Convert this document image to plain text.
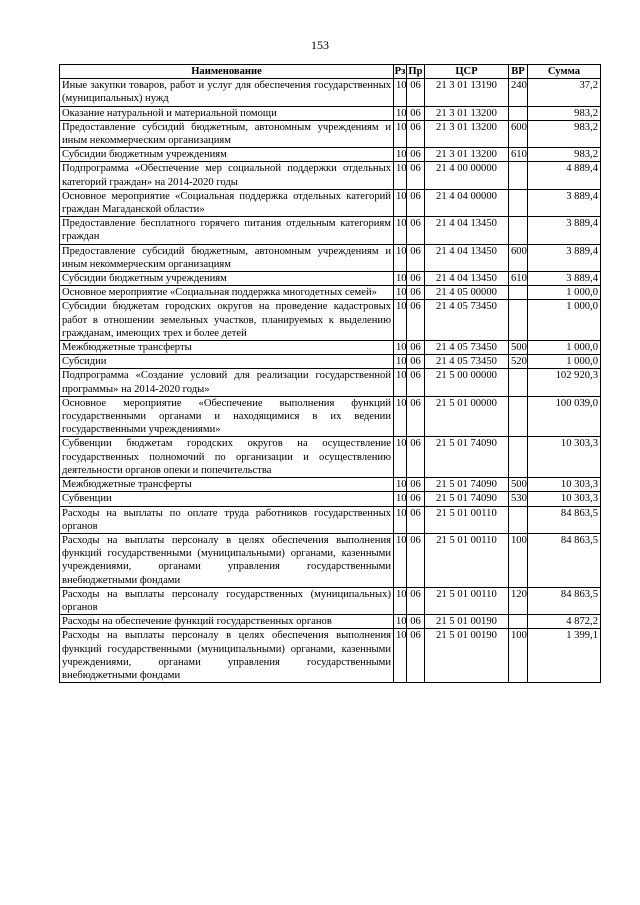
153
Наименование	Рз	Пр	ЦСР	ВР	Сумма
Иные закупки товаров, работ и услуг для обеспечения государственных (муниципальных) нужд	10	06	21 3 01 13190	240	37,2
Оказание натуральной и материальной помощи	10	06	21 3 01 13200		983,2
Предоставление субсидий бюджетным, автономным учреждениям и иным некоммерческим организациям	10	06	21 3 01 13200	600	983,2
Субсидии бюджетным учреждениям	10	06	21 3 01 13200	610	983,2
Подпрограмма «Обеспечение мер социальной поддержки отдельных категорий граждан» на 2014-2020 годы	10	06	21 4 00 00000		4 889,4
Основное мероприятие «Социальная поддержка отдельных категорий граждан Магаданской области»	10	06	21 4 04 00000		3 889,4
Предоставление бесплатного горячего питания отдельным категориям граждан	10	06	21 4 04 13450		3 889,4
Предоставление субсидий бюджетным, автономным учреждениям и иным некоммерческим организациям	10	06	21 4 04 13450	600	3 889,4
Субсидии бюджетным учреждениям	10	06	21 4 04 13450	610	3 889,4
Основное мероприятие «Социальная поддержка многодетных семей»	10	06	21 4 05 00000		1 000,0
Субсидии бюджетам городских округов на проведение кадастровых работ в отношении земельных участков, планируемых к выделению гражданам, имеющих трех и более детей	10	06	21 4 05 73450		1 000,0
Межбюджетные трансферты	10	06	21 4 05 73450	500	1 000,0
Субсидии	10	06	21 4 05 73450	520	1 000,0
Подпрограмма «Создание условий для реализации государственной программы» на 2014-2020 годы»	10	06	21 5 00 00000		102 920,3
Основное мероприятие «Обеспечение выполнения функций государственными органами и находящимися в их ведении государственными учреждениями»	10	06	21 5 01 00000		100 039,0
Субвенции бюджетам городских округов на осуществление государственных полномочий по организации и осуществлению деятельности органов опеки и попечительства	10	06	21 5 01 74090		10 303,3
Межбюджетные трансферты	10	06	21 5 01 74090	500	10 303,3
Субвенции	10	06	21 5 01 74090	530	10 303,3
Расходы на выплаты по оплате труда работников государственных органов	10	06	21 5 01 00110		84 863,5
Расходы на выплаты персоналу в целях обеспечения выполнения функций государственными (муниципальными) органами, казенными учреждениями, органами управления государственными внебюджетными фондами	10	06	21 5 01 00110	100	84 863,5
Расходы на выплаты персоналу государственных (муниципальных) органов	10	06	21 5 01 00110	120	84 863,5
Расходы на обеспечение функций государственных органов	10	06	21 5 01 00190		4 872,2
Расходы на выплаты персоналу в целях обеспечения выполнения функций государственными (муниципальными) органами, казенными учреждениями, органами управления государственными внебюджетными фондами	10	06	21 5 01 00190	100	1 399,1
